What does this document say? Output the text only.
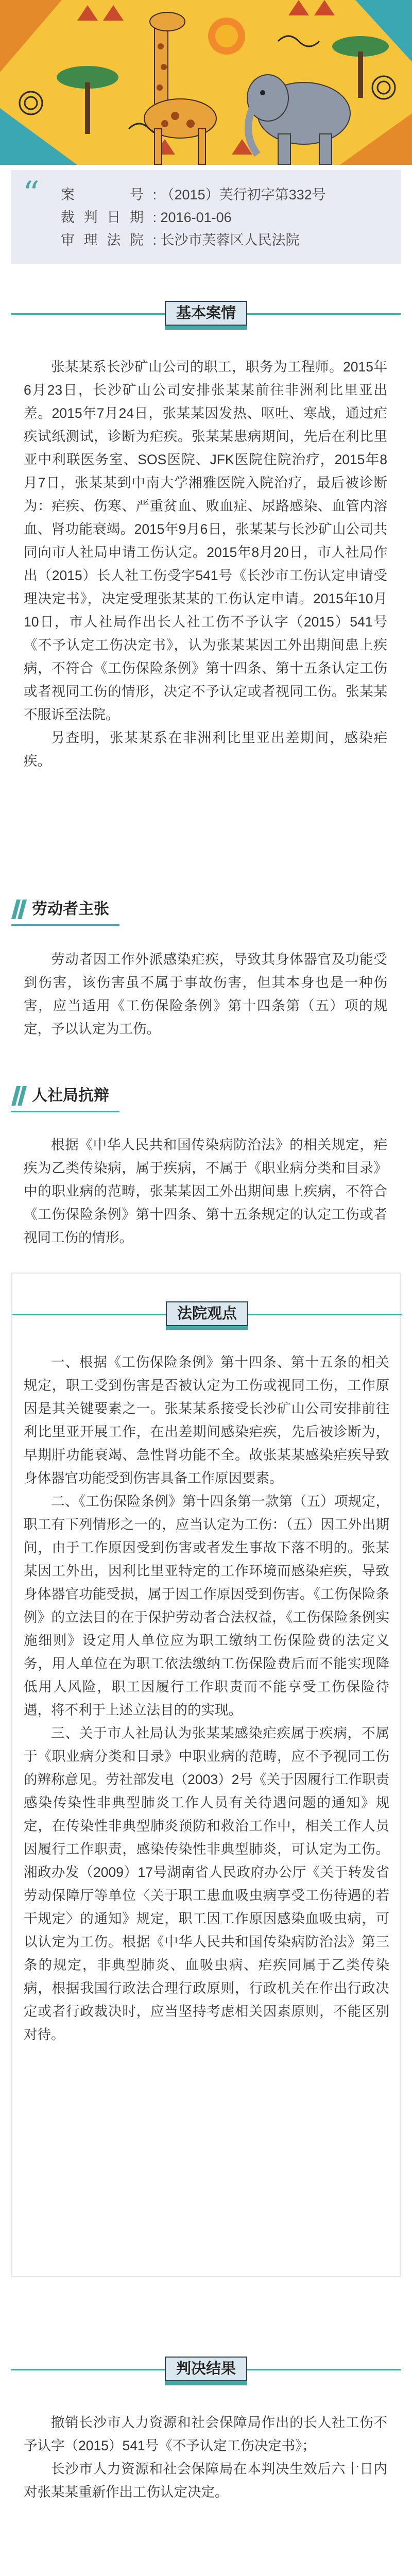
“	案　　号: （2015）芙行初字第332号
裁判日期: 2016-01-06
审理法院: 长沙市芙蓉区人民法院
基本案情

张某某系长沙矿山公司的职工，职务为工程师。2015年6月23日，长沙矿山公司安排张某某前往非洲利比里亚出差。2015年7月24日，张某某因发热、呕吐、寒战，通过疟疾试纸测试，诊断为疟疾。张某某患病期间，先后在利比里亚中利联医务室、SOS医院、JFK医院住院治疗，2015年8月7日，张某某到中南大学湘雅医院入院治疗，最后被诊断为：疟疾、伤寒、严重贫血、败血症、尿路感染、血管内溶血、肾功能衰竭。2015年9月6日，张某某与长沙矿山公司共同向市人社局申请工伤认定。2015年8月20日，市人社局作出（2015）长人社工伤受字541号《长沙市工伤认定申请受理决定书》，决定受理张某某的工伤认定申请。2015年10月10日，市人社局作出长人社工伤不予认字（2015）541号《不予认定工伤决定书》，认为张某某因工外出期间患上疾病，不符合《工伤保险条例》第十四条、第十五条认定工伤或者视同工伤的情形，决定不予认定或者视同工伤。张某某不服诉至法院。

另查明，张某某系在非洲利比里亚出差期间，感染疟疾。

劳动者主张

劳动者因工作外派感染疟疾，导致其身体器官及功能受到伤害，该伤害虽不属于事故伤害，但其本身也是一种伤害，应当适用《工伤保险条例》第十四条第（五）项的规定，予以认定为工伤。

人社局抗辩

根据《中华人民共和国传染病防治法》的相关规定，疟疾为乙类传染病，属于疾病，不属于《职业病分类和目录》中的职业病的范畴，张某某因工外出期间患上疾病，不符合《工伤保险条例》第十四条、第十五条规定的认定工伤或者视同工伤的情形。

法院观点

一、根据《工伤保险条例》第十四条、第十五条的相关规定，职工受到伤害是否被认定为工伤或视同工伤，工作原因是其关键要素之一。张某某系接受长沙矿山公司安排前往利比里亚开展工作，在出差期间感染疟疾，先后被诊断为，早期肝功能衰竭、急性肾功能不全。故张某某感染疟疾导致身体器官功能受到伤害具备工作原因要素。

二、《工伤保险条例》第十四条第一款第（五）项规定，职工有下列情形之一的，应当认定为工伤：（五）因工外出期间，由于工作原因受到伤害或者发生事故下落不明的。张某某因工外出，因利比里亚特定的工作环境而感染疟疾，导致身体器官功能受损，属于因工作原因受到伤害。《工伤保险条例》的立法目的在于保护劳动者合法权益，《工伤保险条例实施细则》设定用人单位应为职工缴纳工伤保险费的法定义务，用人单位在为职工依法缴纳工伤保险费后而不能实现降低用人风险，职工因履行工作职责而不能享受工伤保险待遇，将不利于上述立法目的的实现。

三、关于市人社局认为张某某感染疟疾属于疾病，不属于《职业病分类和目录》中职业病的范畴，应不予视同工伤的辨称意见。劳社部发电（2003）2号《关于因履行工作职责感染传染性非典型肺炎工作人员有关待遇问题的通知》规定，在传染性非典型肺炎预防和救治工作中，相关工作人员因履行工作职责，感染传染性非典型肺炎，可认定为工伤。湘政办发（2009）17号湖南省人民政府办公厅《关于转发省劳动保障厅等单位〈关于职工患血吸虫病享受工伤待遇的若干规定〉的通知》规定，职工因工作原因感染血吸虫病，可以认定为工伤。根据《中华人民共和国传染病防治法》第三条的规定，非典型肺炎、血吸虫病、疟疾同属于乙类传染病，根据我国行政法合理行政原则，行政机关在作出行政决定或者行政裁决时，应当坚持考虑相关因素原则，不能区别对待。

判决结果

撤销长沙市人力资源和社会保障局作出的长人社工伤不予认字（2015）541号《不予认定工伤决定书》；

长沙市人力资源和社会保障局在本判决生效后六十日内对张某某重新作出工伤认定决定。
